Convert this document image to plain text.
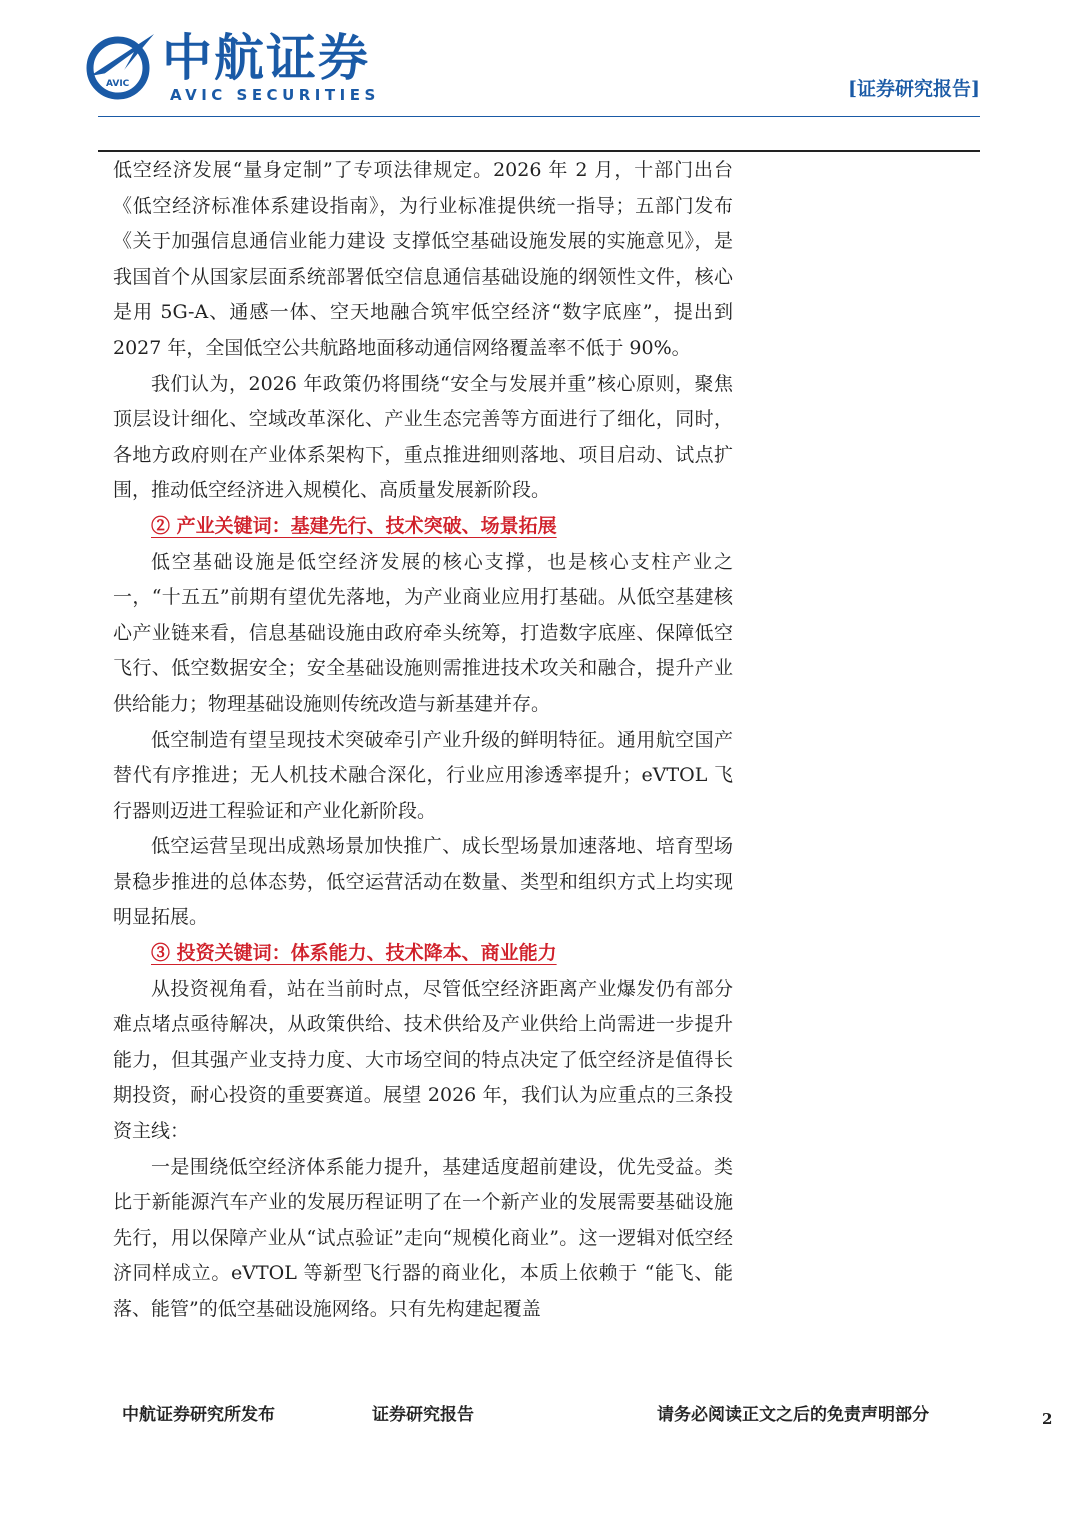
AVIC 中航证券
AVIC SECURITIES	[证券研究报告]

低空经济发展“量身定制”了专项法律规定。2026 年 2 月，十部门出台《低空经济标准体系建设指南》，为行业标准提供统一指导；五部门发布《关于加强信息通信业能力建设 支撑低空基础设施发展的实施意见》，是我国首个从国家层面系统部署低空信息通信基础设施的纲领性文件，核心是用 5G-A、通感一体、空天地融合筑牢低空经济“数字底座”，提出到 2027 年，全国低空公共航路地面移动通信网络覆盖率不低于 90%。

我们认为，2026 年政策仍将围绕“安全与发展并重”核心原则，聚焦顶层设计细化、空域改革深化、产业生态完善等方面进行了细化，同时，各地方政府则在产业体系架构下，重点推进细则落地、项目启动、试点扩围，推动低空经济进入规模化、高质量发展新阶段。

② 产业关键词：基建先行、技术突破、场景拓展

低空基础设施是低空经济发展的核心支撑，也是核心支柱产业之一，“十五五”前期有望优先落地，为产业商业应用打基础。从低空基建核心产业链来看，信息基础设施由政府牵头统筹，打造数字底座、保障低空飞行、低空数据安全；安全基础设施则需推进技术攻关和融合，提升产业供给能力；物理基础设施则传统改造与新基建并存。

低空制造有望呈现技术突破牵引产业升级的鲜明特征。通用航空国产替代有序推进；无人机技术融合深化，行业应用渗透率提升；eVTOL 飞行器则迈进工程验证和产业化新阶段。

低空运营呈现出成熟场景加快推广、成长型场景加速落地、培育型场景稳步推进的总体态势，低空运营活动在数量、类型和组织方式上均实现明显拓展。

③ 投资关键词：体系能力、技术降本、商业能力

从投资视角看，站在当前时点，尽管低空经济距离产业爆发仍有部分难点堵点亟待解决，从政策供给、技术供给及产业供给上尚需进一步提升能力，但其强产业支持力度、大市场空间的特点决定了低空经济是值得长期投资，耐心投资的重要赛道。展望 2026 年，我们认为应重点的三条投资主线：

一是围绕低空经济体系能力提升，基建适度超前建设，优先受益。类比于新能源汽车产业的发展历程证明了在一个新产业的发展需要基础设施先行，用以保障产业从“试点验证”走向“规模化商业”。这一逻辑对低空经济同样成立。eVTOL 等新型飞行器的商业化，本质上依赖于 “能飞、能落、能管”的低空基础设施网络。只有先构建起覆盖

中航证券研究所发布	证券研究报告	请务必阅读正文之后的免责声明部分	2
